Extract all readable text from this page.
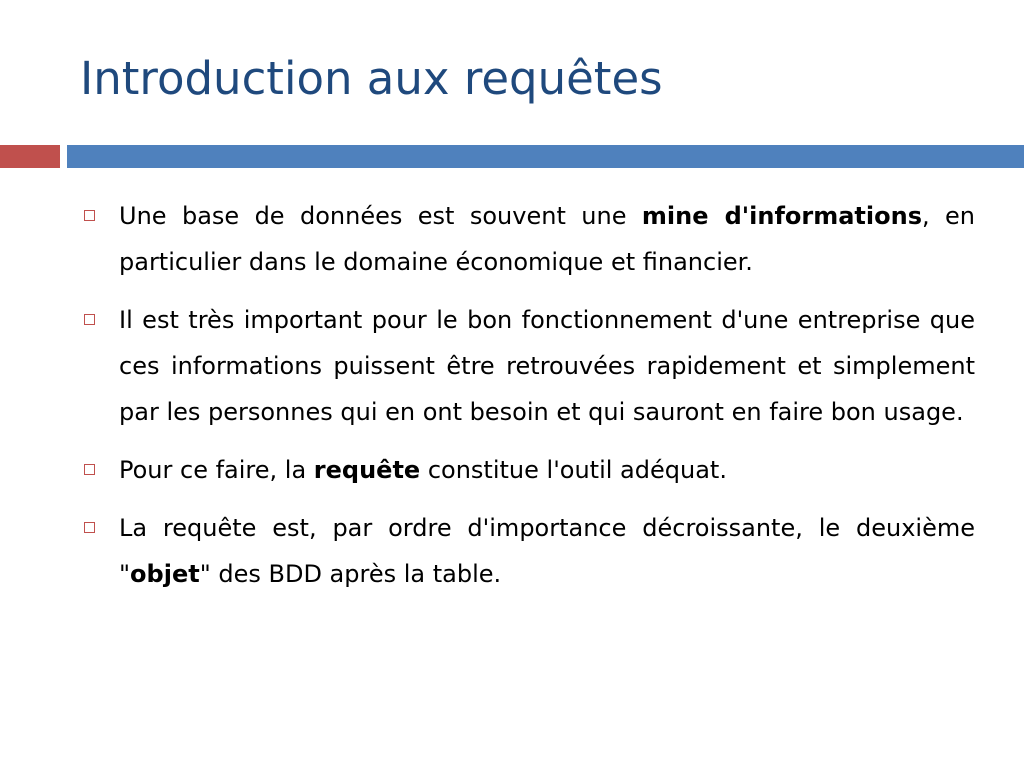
Introduction aux requêtes
Une base de données est souvent une mine d'informations, en particulier dans le domaine économique et financier.
Il est très important pour le bon fonctionnement d'une entreprise que ces informations puissent être retrouvées rapidement et simplement par les personnes qui en ont besoin et qui sauront en faire bon usage.
Pour ce faire, la requête constitue l'outil adéquat.
La requête est, par ordre d'importance décroissante, le deuxième "objet" des BDD après la table.
